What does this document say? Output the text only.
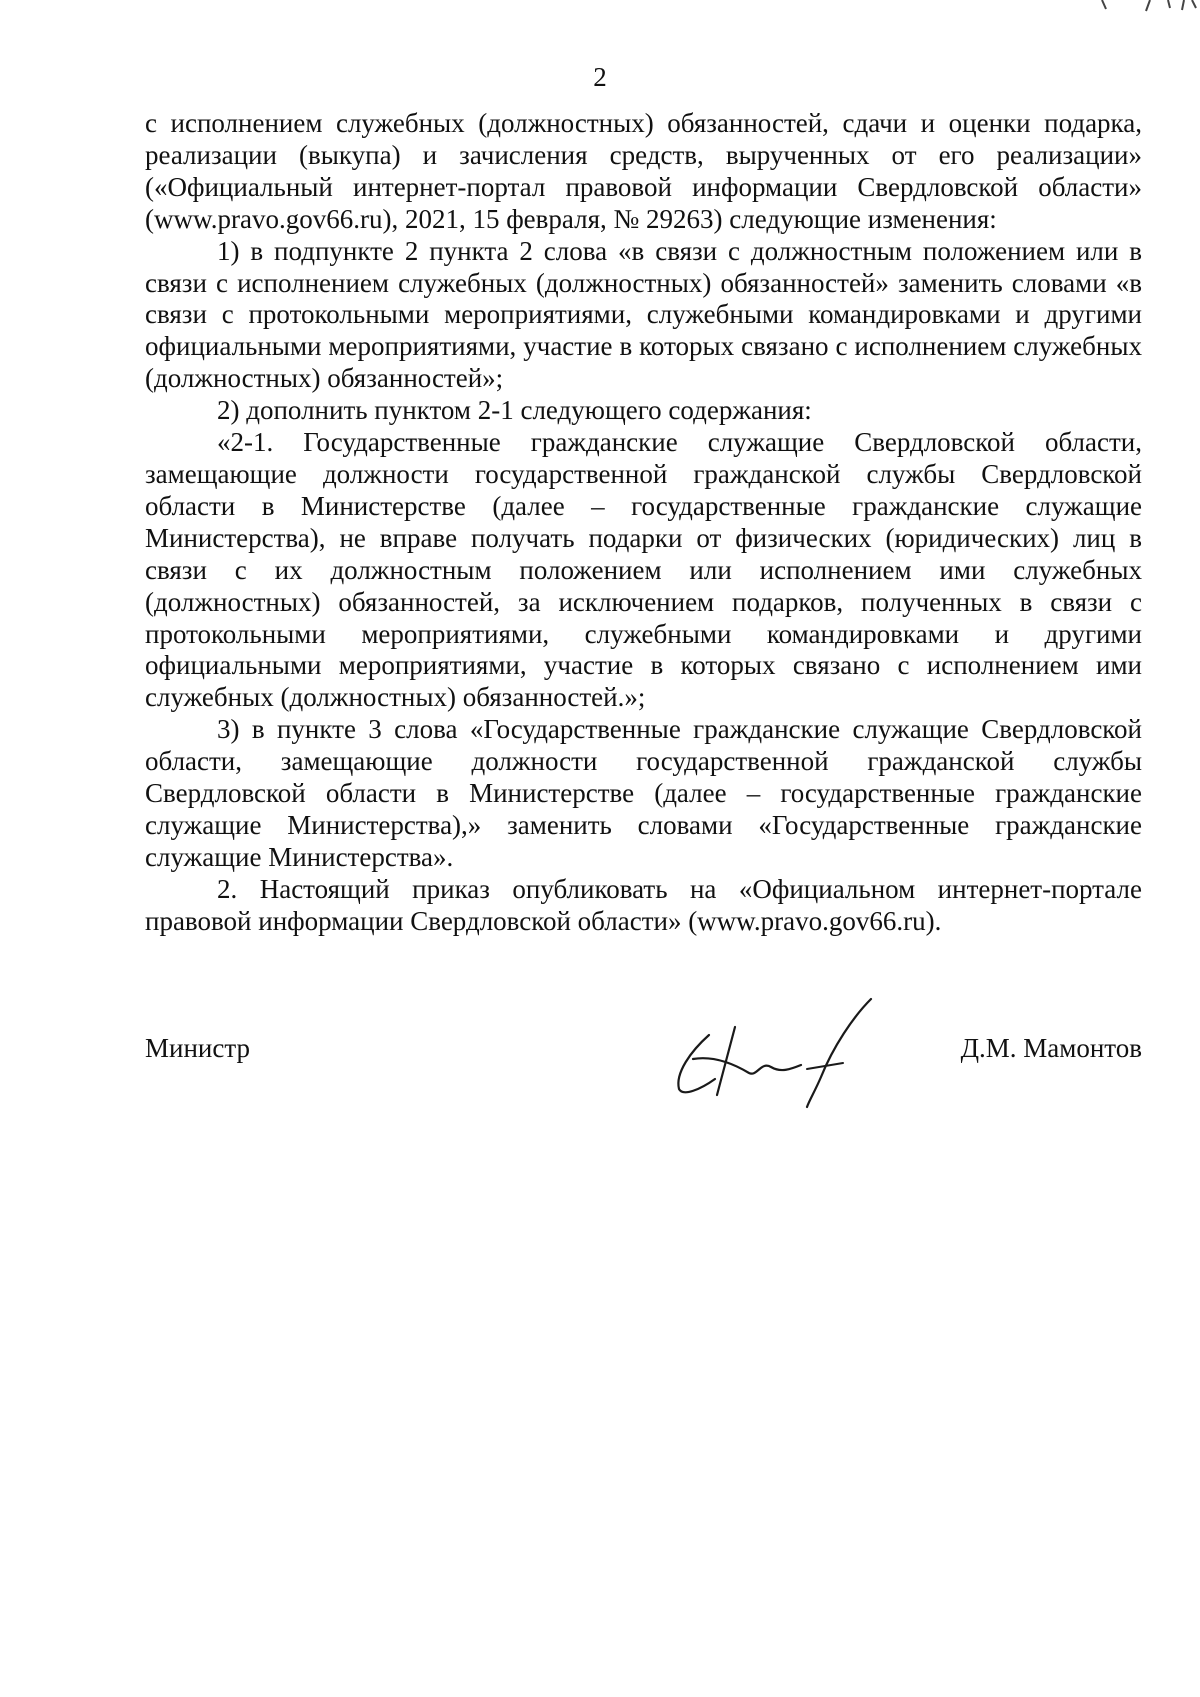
2

с исполнением служебных (должностных) обязанностей, сдачи и оценки подарка, реализации (выкупа) и зачисления средств, вырученных от его реализации» («Официальный интернет-портал правовой информации Свердловской области» (www.pravo.gov66.ru), 2021, 15 февраля, № 29263) следующие изменения:

1) в подпункте 2 пункта 2 слова «в связи с должностным положением или в связи с исполнением служебных (должностных) обязанностей» заменить словами «в связи с протокольными мероприятиями, служебными командировками и другими официальными мероприятиями, участие в которых связано с исполнением служебных (должностных) обязанностей»;

2) дополнить пунктом 2-1 следующего содержания:

«2-1. Государственные гражданские служащие Свердловской области, замещающие должности государственной гражданской службы Свердловской области в Министерстве (далее – государственные гражданские служащие Министерства), не вправе получать подарки от физических (юридических) лиц в связи с их должностным положением или исполнением ими служебных (должностных) обязанностей, за исключением подарков, полученных в связи с протокольными мероприятиями, служебными командировками и другими официальными мероприятиями, участие в которых связано с исполнением ими служебных (должностных) обязанностей.»;

3) в пункте 3 слова «Государственные гражданские служащие Свердловской области, замещающие должности государственной гражданской службы Свердловской области в Министерстве (далее – государственные гражданские служащие Министерства),» заменить словами «Государственные гражданские служащие Министерства».

2. Настоящий приказ опубликовать на «Официальном интернет-портале правовой информации Свердловской области» (www.pravo.gov66.ru).

Министр	Д.М. Мамонтов
